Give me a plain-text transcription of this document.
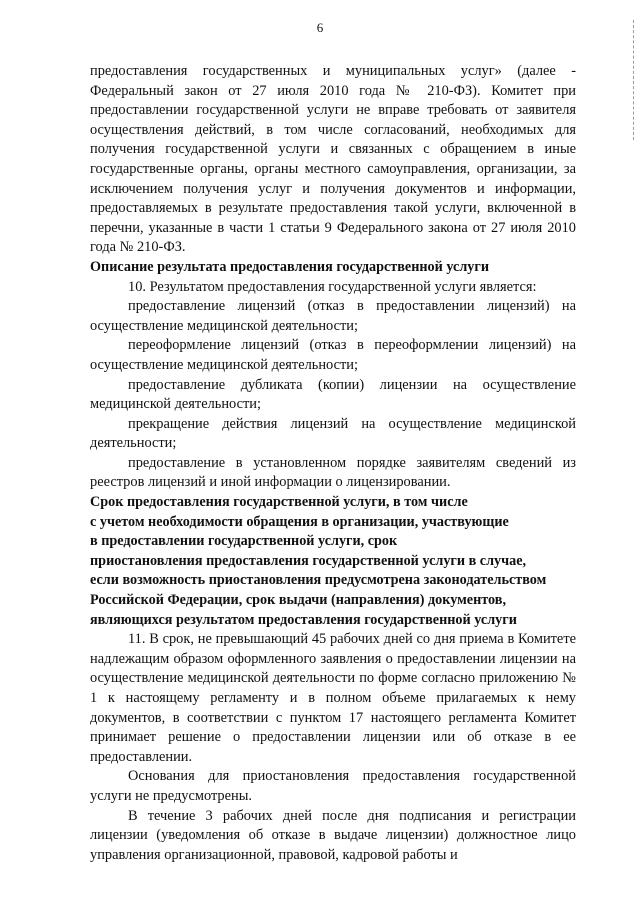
6

предоставления государственных и муниципальных услуг» (далее - Федеральный закон от 27 июля 2010 года № 210-ФЗ). Комитет при предоставлении государственной услуги не вправе требовать от заявителя осуществления действий, в том числе согласований, необходимых для получения государственной услуги и связанных с обращением в иные государственные органы, органы местного самоуправления, организации, за исключением получения услуг и получения документов и информации, предоставляемых в результате предоставления такой услуги, включенной в перечни, указанные в части 1 статьи 9 Федерального закона от 27 июля 2010 года № 210-ФЗ.

Описание результата предоставления государственной услуги

10. Результатом предоставления государственной услуги является:

предоставление лицензий (отказ в предоставлении лицензий) на осуществление медицинской деятельности;

переоформление лицензий (отказ в переоформлении лицензий) на осуществление медицинской деятельности;

предоставление дубликата (копии) лицензии на осуществление медицинской деятельности;

прекращение действия лицензий на осуществление медицинской деятельности;

предоставление в установленном порядке заявителям сведений из реестров лицензий и иной информации о лицензировании.

Срок предоставления государственной услуги, в том числе
с учетом необходимости обращения в организации, участвующие
в предоставлении государственной услуги, срок
приостановления предоставления государственной услуги в случае,
если возможность приостановления предусмотрена законодательством
Российской Федерации, срок выдачи (направления) документов,
являющихся результатом предоставления государственной услуги

11. В срок, не превышающий 45 рабочих дней со дня приема в Комитете надлежащим образом оформленного заявления о предоставлении лицензии на осуществление медицинской деятельности по форме согласно приложению № 1 к настоящему регламенту и в полном объеме прилагаемых к нему документов, в соответствии с пунктом 17 настоящего регламента Комитет принимает решение о предоставлении лицензии или об отказе в ее предоставлении.

Основания для приостановления предоставления государственной услуги не предусмотрены.

В течение 3 рабочих дней после дня подписания и регистрации лицензии (уведомления об отказе в выдаче лицензии) должностное лицо управления организационной, правовой, кадровой работы и
